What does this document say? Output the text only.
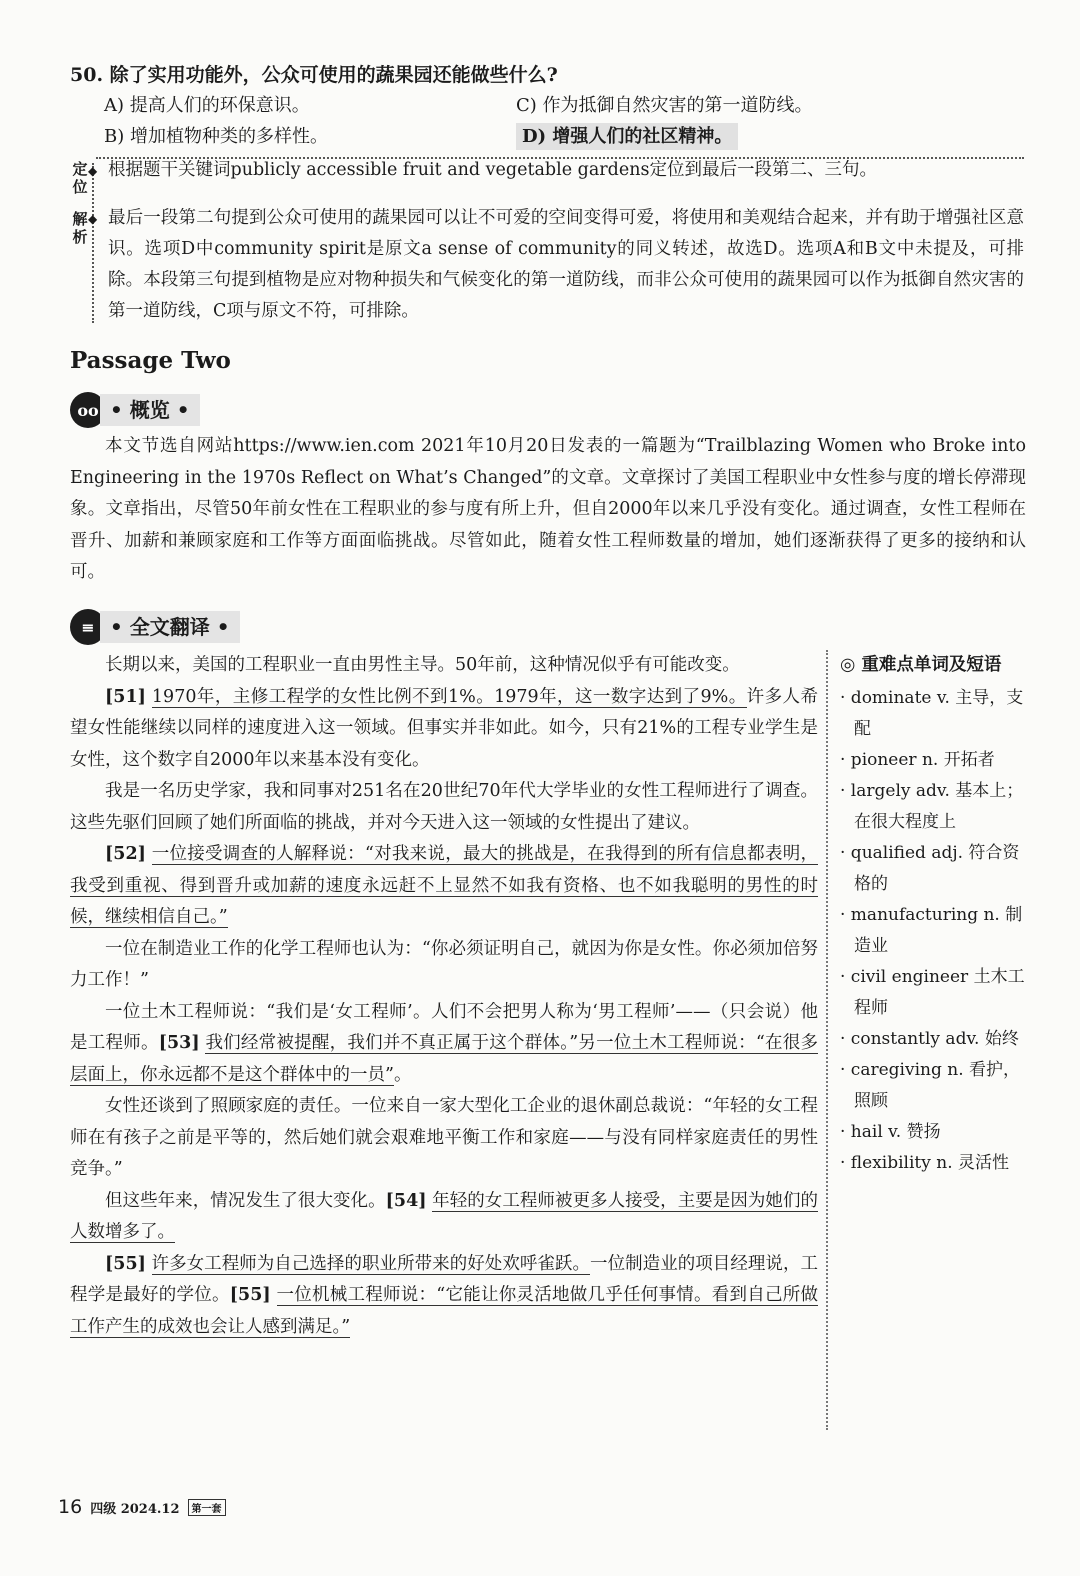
50. 除了实用功能外，公众可使用的蔬果园还能做些什么?
A) 提高人们的环保意识。	C) 作为抵御自然灾害的第一道防线。
B) 增加植物种类的多样性。	D) 增强人们的社区精神。
定
位
◆ 根据题干关键词publicly accessible fruit and vegetable gardens定位到最后一段第二、三句。
解
析
◆ 最后一段第二句提到公众可使用的蔬果园可以让不可爱的空间变得可爱，将使用和美观结合起来，并有助于增强社区意识。选项D中community spirit是原文a sense of community的同义转述，故选D。选项A和B文中未提及，可排除。本段第三句提到植物是应对物种损失和气候变化的第一道防线，而非公众可使用的蔬果园可以作为抵御自然灾害的第一道防线，C项与原文不符，可排除。
Passage Two
oo • 概览 •
本文节选自网站https://www.ien.com 2021年10月20日发表的一篇题为“Trailblazing Women who Broke into Engineering in the 1970s Reflect on What’s Changed”的文章。文章探讨了美国工程职业中女性参与度的增长停滞现象。文章指出，尽管50年前女性在工程职业的参与度有所上升，但自2000年以来几乎没有变化。通过调查，女性工程师在晋升、加薪和兼顾家庭和工作等方面面临挑战。尽管如此，随着女性工程师数量的增加，她们逐渐获得了更多的接纳和认可。
≡ • 全文翻译 •

长期以来，美国的工程职业一直由男性主导。50年前，这种情况似乎有可能改变。

[51] 1970年，主修工程学的女性比例不到1%。1979年，这一数字达到了9%。许多人希望女性能继续以同样的速度进入这一领域。但事实并非如此。如今，只有21%的工程专业学生是女性，这个数字自2000年以来基本没有变化。

我是一名历史学家，我和同事对251名在20世纪70年代大学毕业的女性工程师进行了调查。这些先驱们回顾了她们所面临的挑战，并对今天进入这一领域的女性提出了建议。

[52] 一位接受调查的人解释说：“对我来说，最大的挑战是，在我得到的所有信息都表明，我受到重视、得到晋升或加薪的速度永远赶不上显然不如我有资格、也不如我聪明的男性的时候，继续相信自己。”

一位在制造业工作的化学工程师也认为：“你必须证明自己，就因为你是女性。你必须加倍努力工作！”

一位土木工程师说：“我们是‘女工程师’。人们不会把男人称为‘男工程师’——（只会说）他是工程师。[53] 我们经常被提醒，我们并不真正属于这个群体。”另一位土木工程师说：“在很多层面上，你永远都不是这个群体中的一员”。

女性还谈到了照顾家庭的责任。一位来自一家大型化工企业的退休副总裁说：“年轻的女工程师在有孩子之前是平等的，然后她们就会艰难地平衡工作和家庭——与没有同样家庭责任的男性竞争。”

但这些年来，情况发生了很大变化。[54] 年轻的女工程师被更多人接受，主要是因为她们的人数增多了。

[55] 许多女工程师为自己选择的职业所带来的好处欢呼雀跃。一位制造业的项目经理说，工程学是最好的学位。[55] 一位机械工程师说：“它能让你灵活地做几乎任何事情。看到自己所做工作产生的成效也会让人感到满足。”

◎ 重难点单词及短语
· dominate v. 主导，支配
· pioneer n. 开拓者
· largely adv. 基本上；在很大程度上
· qualified adj. 符合资格的
· manufacturing n. 制造业
· civil engineer 土木工程师
· constantly adv. 始终
· caregiving n. 看护，照顾
· hail v. 赞扬
· flexibility n. 灵活性
16 四级 2024.12	第一套
